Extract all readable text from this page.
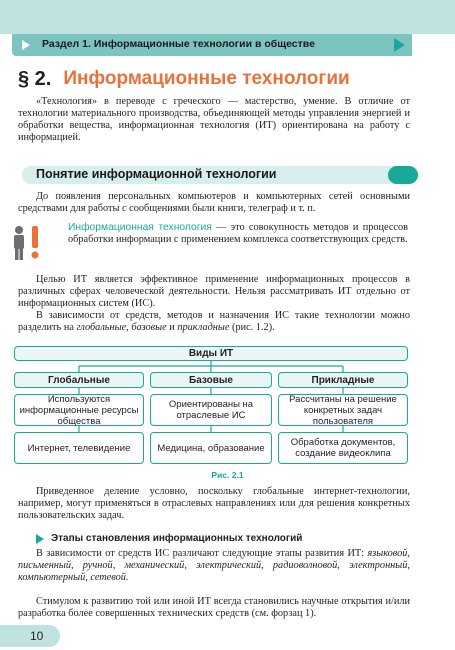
Раздел 1. Информационные технологии в обществе
§ 2. Информационные технологии

«Технология» в переводе с греческого — мастерство, умение. В отличие от технологии материального производства, объединяющей методы управления энергией и обработки вещества, информационная технология (ИТ) ориентирована на работу с информацией.

Понятие информационной технологии

До появления персональных компьютеров и компьютерных сетей основными средствами для работы с сообщениями были книги, телеграф и т. п.

Информационная технология — это совокупность методов и процессов обработки информации с применением комплекса соответствующих средств.

Целью ИТ является эффективное применение информационных процессов в различных сферах человеческой деятельности. Нельзя рассматривать ИТ отдельно от информационных систем (ИС).

В зависимости от средств, методов и назначения ИС такие технологии можно разделить на глобальные, базовые и прикладные (рис. 1.2).

Виды ИТ
Глобальные
Используются информационные ресурсы общества
Интернет, телевидение
Базовые
Ориентированы на отраслевые ИС
Медицина, образование
Прикладные
Рассчитаны на решение конкретных задач пользователя
Обработка документов, создание видеоклипа
Рис. 2.1

Приведенное деление условно, поскольку глобальные интернет-технологии, например, могут применяться в отраслевых направлениях или для решения конкретных пользовательских задач.

Этапы становления информационных технологий

В зависимости от средств ИС различают следующие этапы развития ИТ: языковой, письменный, ручной, механический, электрический, радиоволновой, электронный, компьютерный, сетевой.

Стимулом к развитию той или иной ИТ всегда становились научные открытия и/или разработка более совершенных технических средств (см. форзац 1).

10
